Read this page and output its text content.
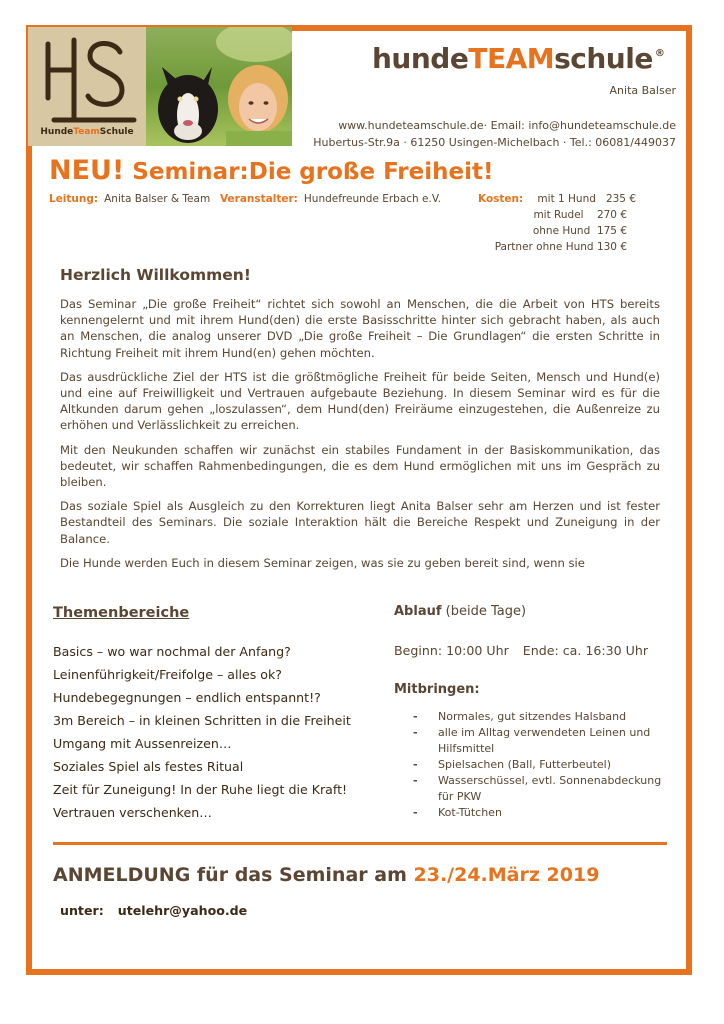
HundeTeamSchule
hundeTEAMschule ®
Anita Balser
www.hundeteamschule.de· Email: info@hundeteamschule.de
Hubertus-Str.9a · 61250 Usingen-Michelbach · Tel.: 06081/449037
NEU! Seminar:Die große Freiheit!
Leitung: Anita Balser & Team Veranstalter: Hundefreunde Erbach e.V.	Kosten:	mit 1 Hund 235 €
mit Rudel 270 €
ohne Hund 175 €
Partner ohne Hund 130 €
Herzlich Willkommen!

Das Seminar „Die große Freiheit“ richtet sich sowohl an Menschen, die die Arbeit von HTS bereits kennengelernt und mit ihrem Hund(den) die erste Basisschritte hinter sich gebracht haben, als auch an Menschen, die analog unserer DVD „Die große Freiheit – Die Grundlagen“ die ersten Schritte in Richtung Freiheit mit ihrem Hund(en) gehen möchten.

Das ausdrückliche Ziel der HTS ist die größtmögliche Freiheit für beide Seiten, Mensch und Hund(e) und eine auf Freiwilligkeit und Vertrauen aufgebaute Beziehung. In diesem Seminar wird es für die Altkunden darum gehen „loszulassen“, dem Hund(den) Freiräume einzugestehen, die Außenreize zu erhöhen und Verlässlichkeit zu erreichen.

Mit den Neukunden schaffen wir zunächst ein stabiles Fundament in der Basiskommunikation, das bedeutet, wir schaffen Rahmenbedingungen, die es dem Hund ermöglichen mit uns im Gespräch zu bleiben.

Das soziale Spiel als Ausgleich zu den Korrekturen liegt Anita Balser sehr am Herzen und ist fester Bestandteil des Seminars. Die soziale Interaktion hält die Bereiche Respekt und Zuneigung in der Balance.

Die Hunde werden Euch in diesem Seminar zeigen, was sie zu geben bereit sind, wenn sie

Themenbereiche
Basics – wo war nochmal der Anfang?
Leinenführigkeit/Freifolge – alles ok?
Hundebegegnungen – endlich entspannt!?
3m Bereich – in kleinen Schritten in die Freiheit
Umgang mit Aussenreizen…
Soziales Spiel als festes Ritual
Zeit für Zuneigung! In der Ruhe liegt die Kraft!
Vertrauen verschenken…
Ablauf (beide Tage)
Beginn: 10:00 Uhr Ende: ca. 16:30 Uhr
Mitbringen:
- Normales, gut sitzendes Halsband
- alle im Alltag verwendeten Leinen und Hilfsmittel
- Spielsachen (Ball, Futterbeutel)
- Wasserschüssel, evtl. Sonnenabdeckung für PKW
- Kot-Tütchen
ANMELDUNG für das Seminar am 23./24.März 2019
unter: utelehr@yahoo.de
